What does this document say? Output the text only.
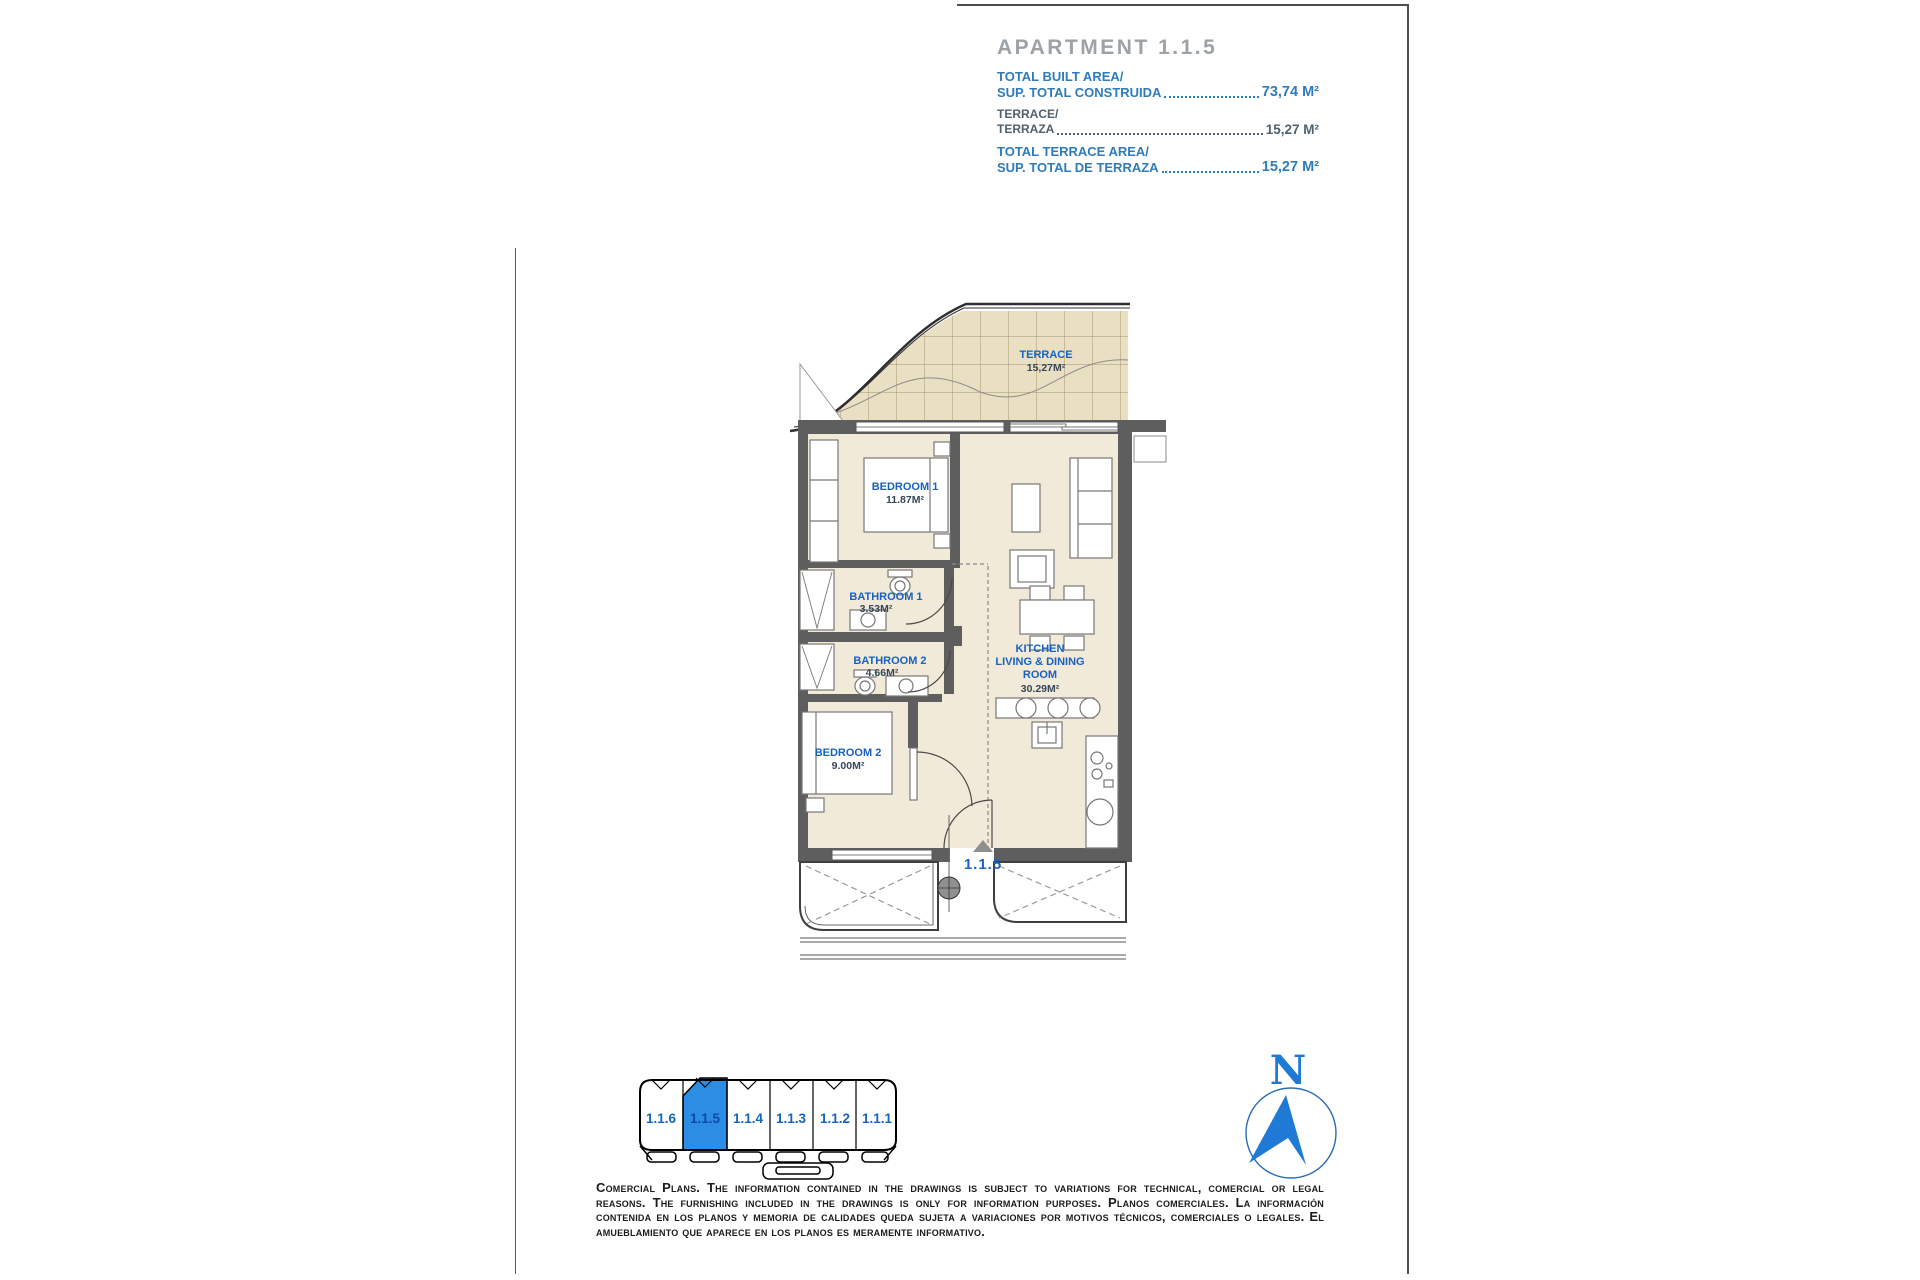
APARTMENT 1.1.5
TOTAL BUILT AREA/
SUP. TOTAL CONSTRUIDA	73,74 M²
TERRACE/
TERRAZA	15,27 M²
TOTAL TERRACE AREA/
SUP. TOTAL DE TERRAZA	15,27 M²
TERRACE
15,27M²
BEDROOM 1
11.87M²
BATHROOM 1
3.53M²
BATHROOM 2
4.66M²
BEDROOM 2
9.00M²
KITCHEN
LIVING & DINING
ROOM
30.29M²
1.1.5
1.1.6 1.1.5 1.1.4 1.1.3 1.1.2 1.1.1
N
Comercial Plans. The information contained in the drawings is subject to variations for technical, comercial or legal reasons. The furnishing included in the drawings is only for information purposes. Planos comerciales. La información contenida en los planos y memoria de calidades queda sujeta a variaciones por motivos técnicos, comerciales o legales. El amueblamiento que aparece en los planos es meramente informativo.
